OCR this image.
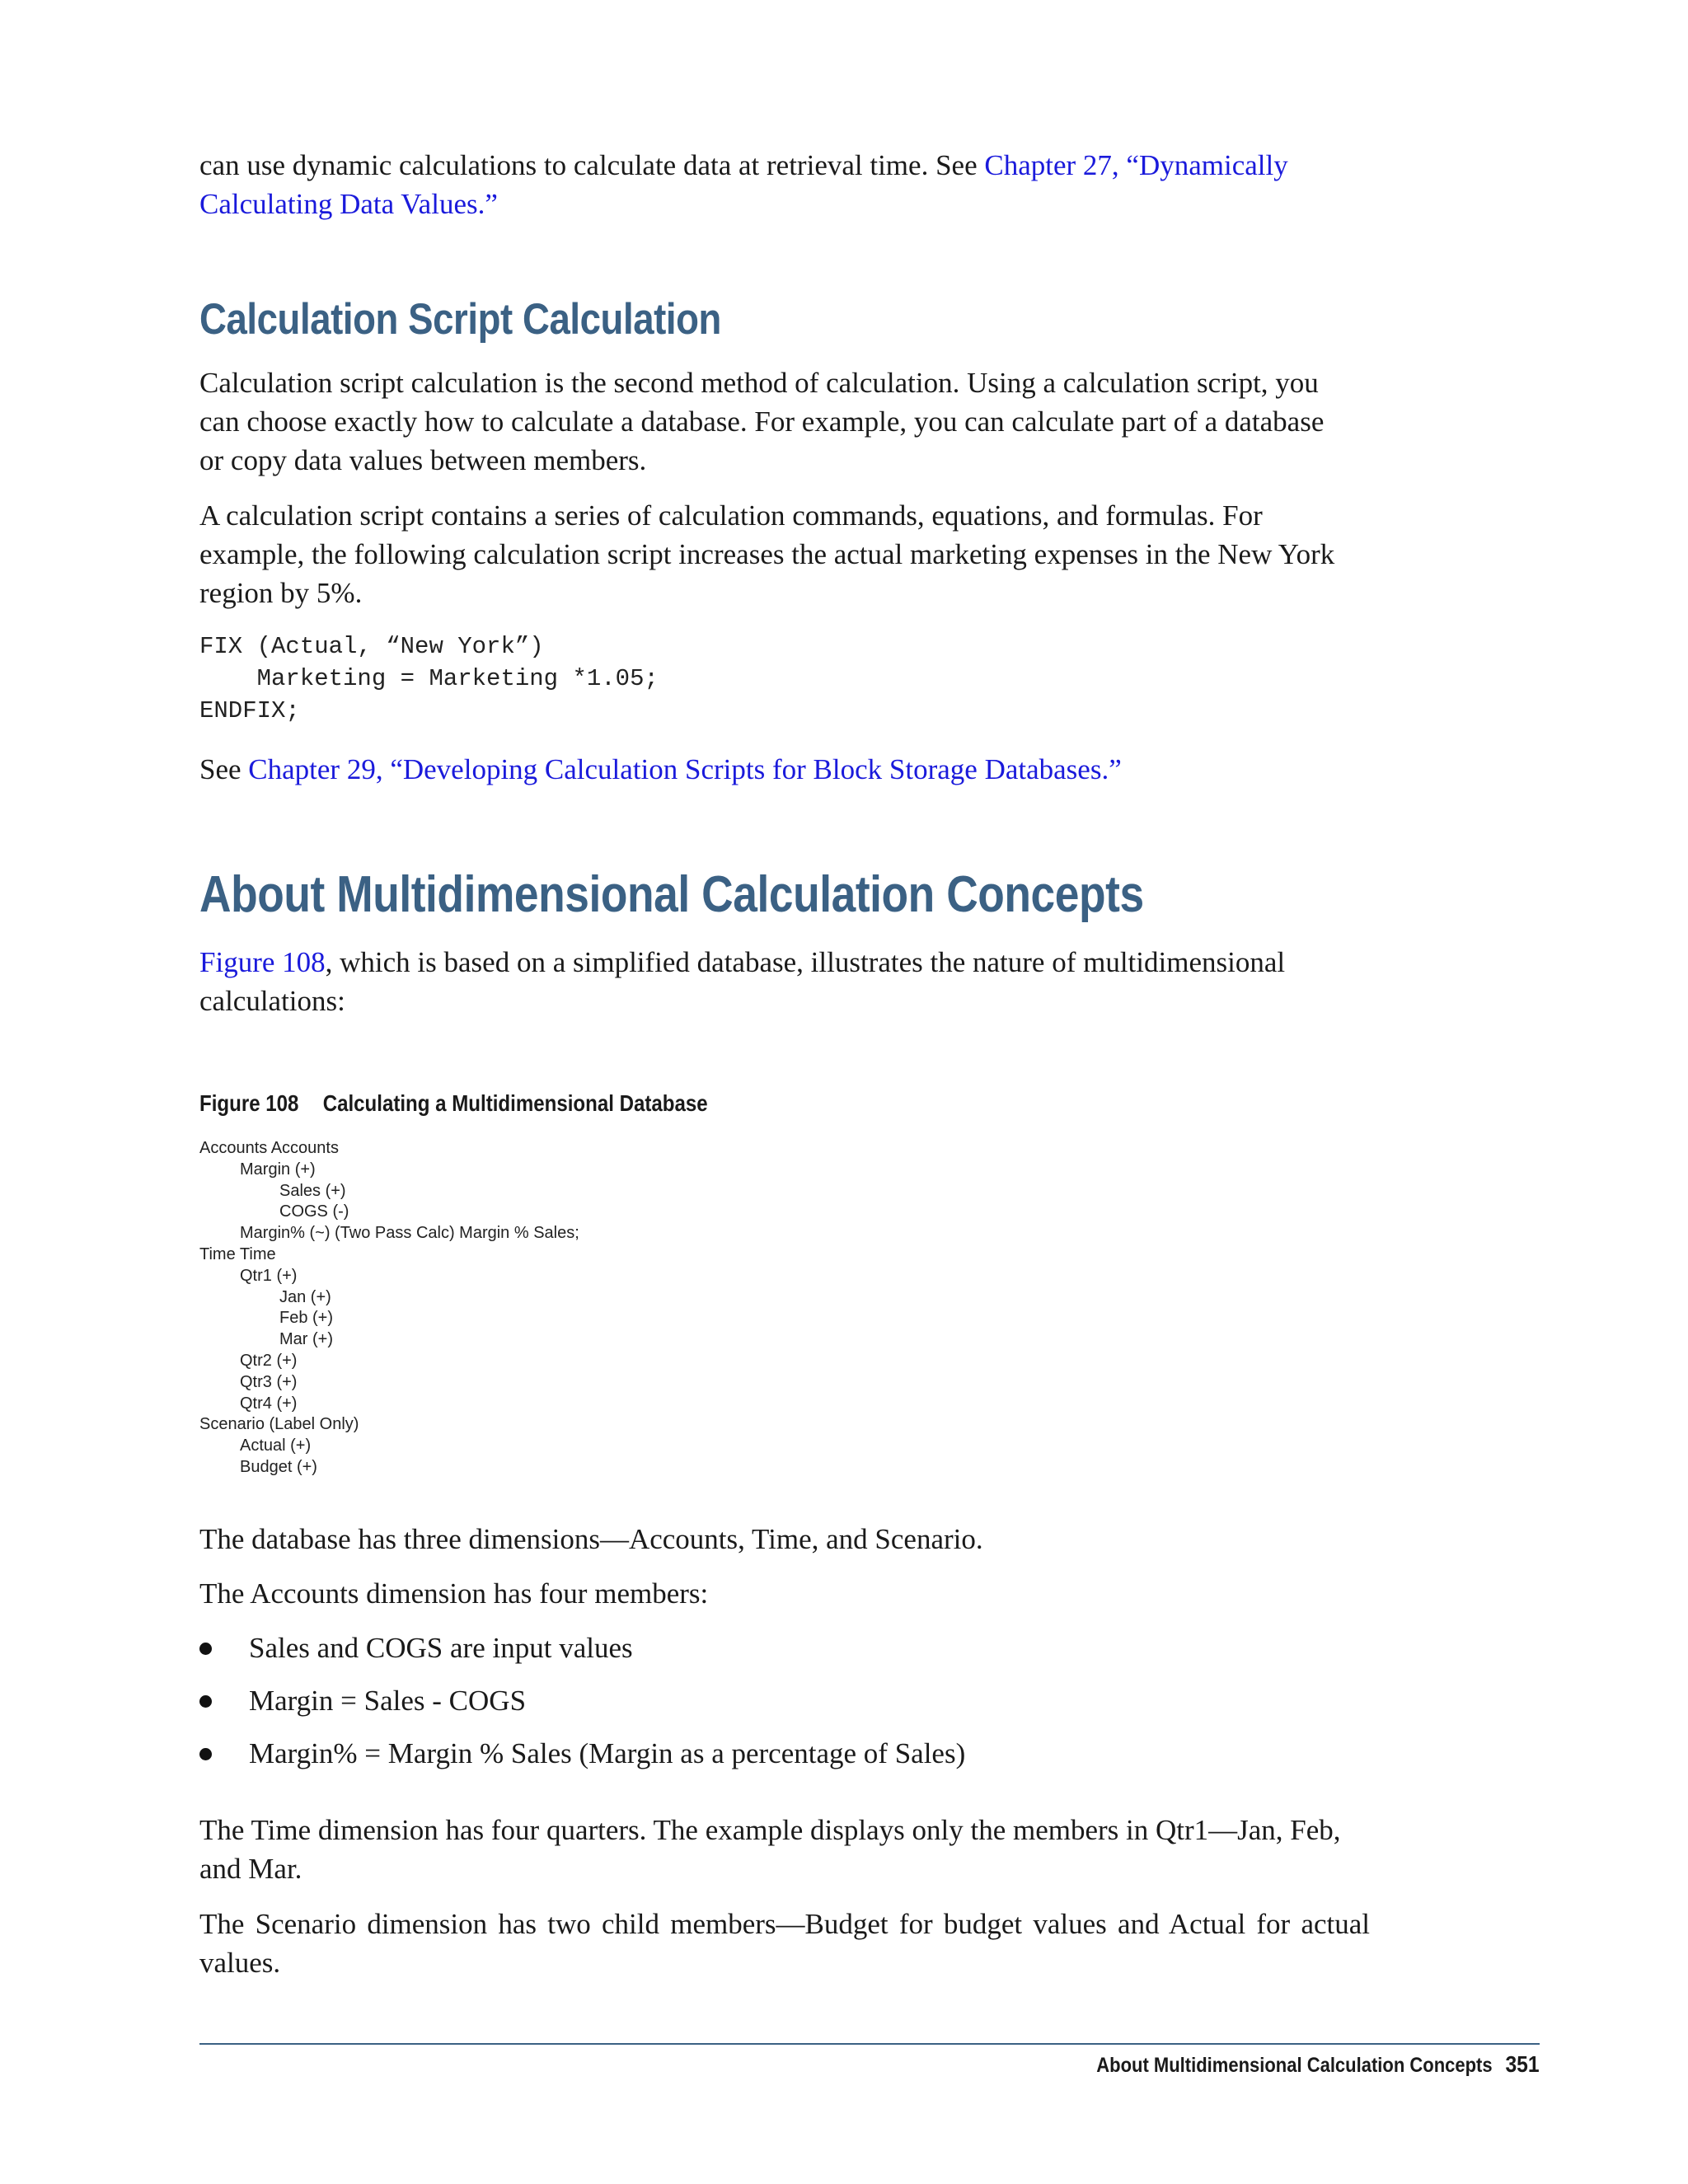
can use dynamic calculations to calculate data at retrieval time. See Chapter 27, “Dynamically Calculating Data Values.”

Calculation Script Calculation

Calculation script calculation is the second method of calculation. Using a calculation script, you can choose exactly how to calculate a database. For example, you can calculate part of a database or copy data values between members.

A calculation script contains a series of calculation commands, equations, and formulas. For example, the following calculation script increases the actual marketing expenses in the New York region by 5%.

FIX (Actual, “New York”)
Marketing = Marketing *1.05;
ENDFIX;

See Chapter 29, “Developing Calculation Scripts for Block Storage Databases.”

About Multidimensional Calculation Concepts

Figure 108, which is based on a simplified database, illustrates the nature of multidimensional calculations:

Figure 108 Calculating a Multidimensional Database
Accounts Accounts
Margin (+)
Sales (+)
COGS (-)
Margin% (~) (Two Pass Calc) Margin % Sales;
Time Time
Qtr1 (+)
Jan (+)
Feb (+)
Mar (+)
Qtr2 (+)
Qtr3 (+)
Qtr4 (+)
Scenario (Label Only)
Actual (+)
Budget (+)

The database has three dimensions—Accounts, Time, and Scenario.

The Accounts dimension has four members:

Sales and COGS are input values
Margin = Sales - COGS
Margin% = Margin % Sales (Margin as a percentage of Sales)

The Time dimension has four quarters. The example displays only the members in Qtr1—Jan, Feb, and Mar.

The Scenario dimension has two child members—Budget for budget values and Actual for actual values.

About Multidimensional Calculation Concepts 351
